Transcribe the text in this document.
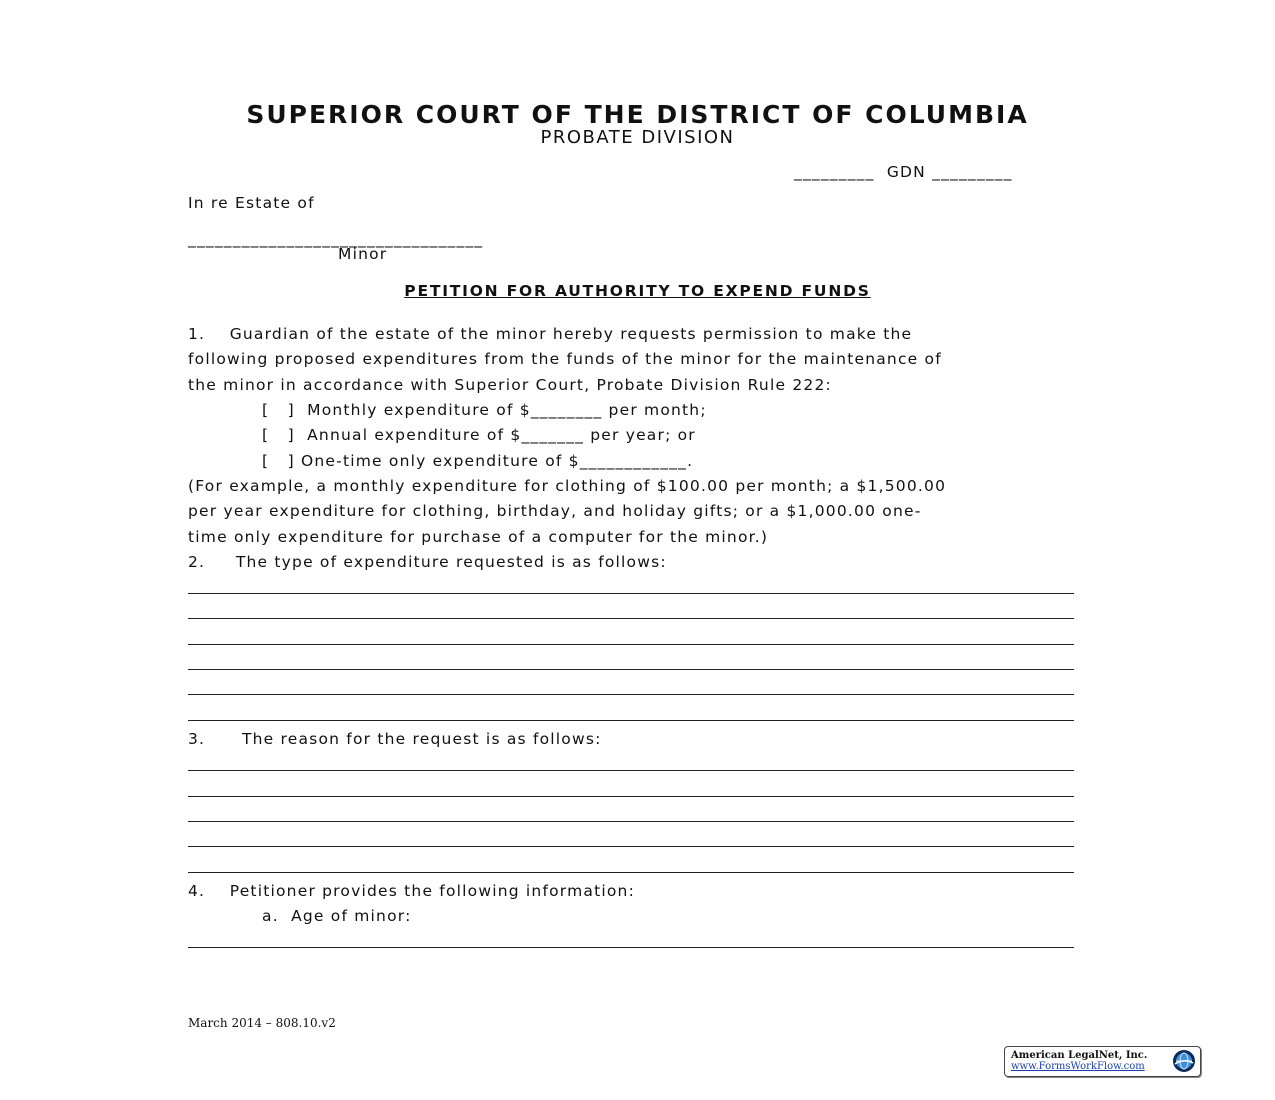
SUPERIOR COURT OF THE DISTRICT OF COLUMBIA
PROBATE DIVISION
_________ GDN _________
In re Estate of
_________________________________
Minor
PETITION FOR AUTHORITY TO EXPEND FUNDS
1.    Guardian of the estate of the minor hereby requests permission to make the
following proposed expenditures from the funds of the minor for the maintenance of
the minor in accordance with Superior Court, Probate Division Rule 222:
[   ]  Monthly expenditure of $________ per month;
[   ]  Annual expenditure of $_______ per year; or
[   ] One-time only expenditure of $____________.
(For example, a monthly expenditure for clothing of $100.00 per month; a $1,500.00
per year expenditure for clothing, birthday, and holiday gifts; or a $1,000.00 one-
time only expenditure for purchase of a computer for the minor.)
2.     The type of expenditure requested is as follows:
3.      The reason for the request is as follows:
4.    Petitioner provides the following information:
a.  Age of minor:
March 2014 – 808.10.v2
American LegalNet, Inc.
www.FormsWorkFlow.com
